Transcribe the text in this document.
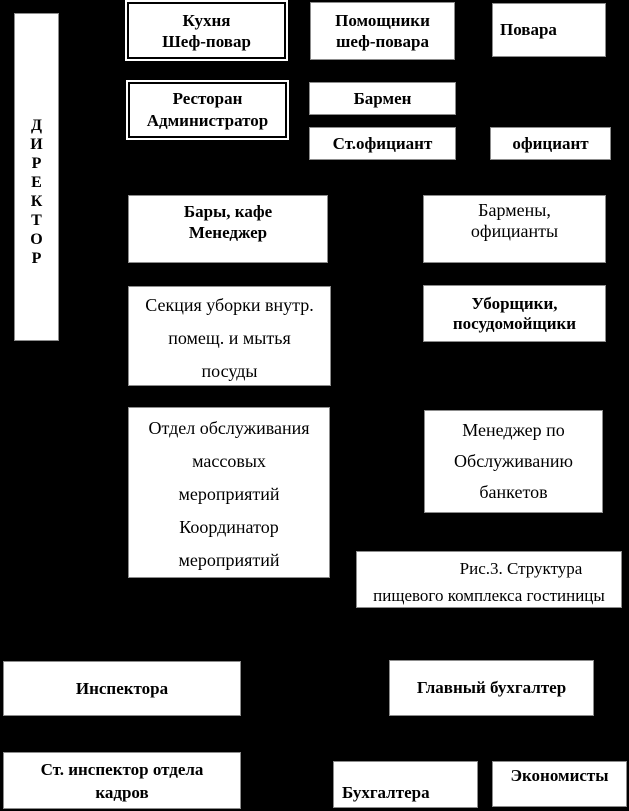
Д
И
Р
Е
К
Т
О
Р
Кухня
Шеф-повар
Помощники
шеф-повара
Повара
Ресторан
Администратор
Бармен
Ст.официант	официант
Бары, кафе
Менеджер
Бармены,
официанты
Секция уборки внутр.
помещ. и мытья
посуды
Уборщики,
посудомойщики
Отдел обслуживания
массовых
мероприятий
Координатор
мероприятий
Менеджер по
Обслуживанию
банкетов
Рис.3. Структура
пищевого комплекса гостиницы
Инспектора	Главный бухгалтер
Ст. инспектор отдела
кадров	Бухгалтера
Экономисты
